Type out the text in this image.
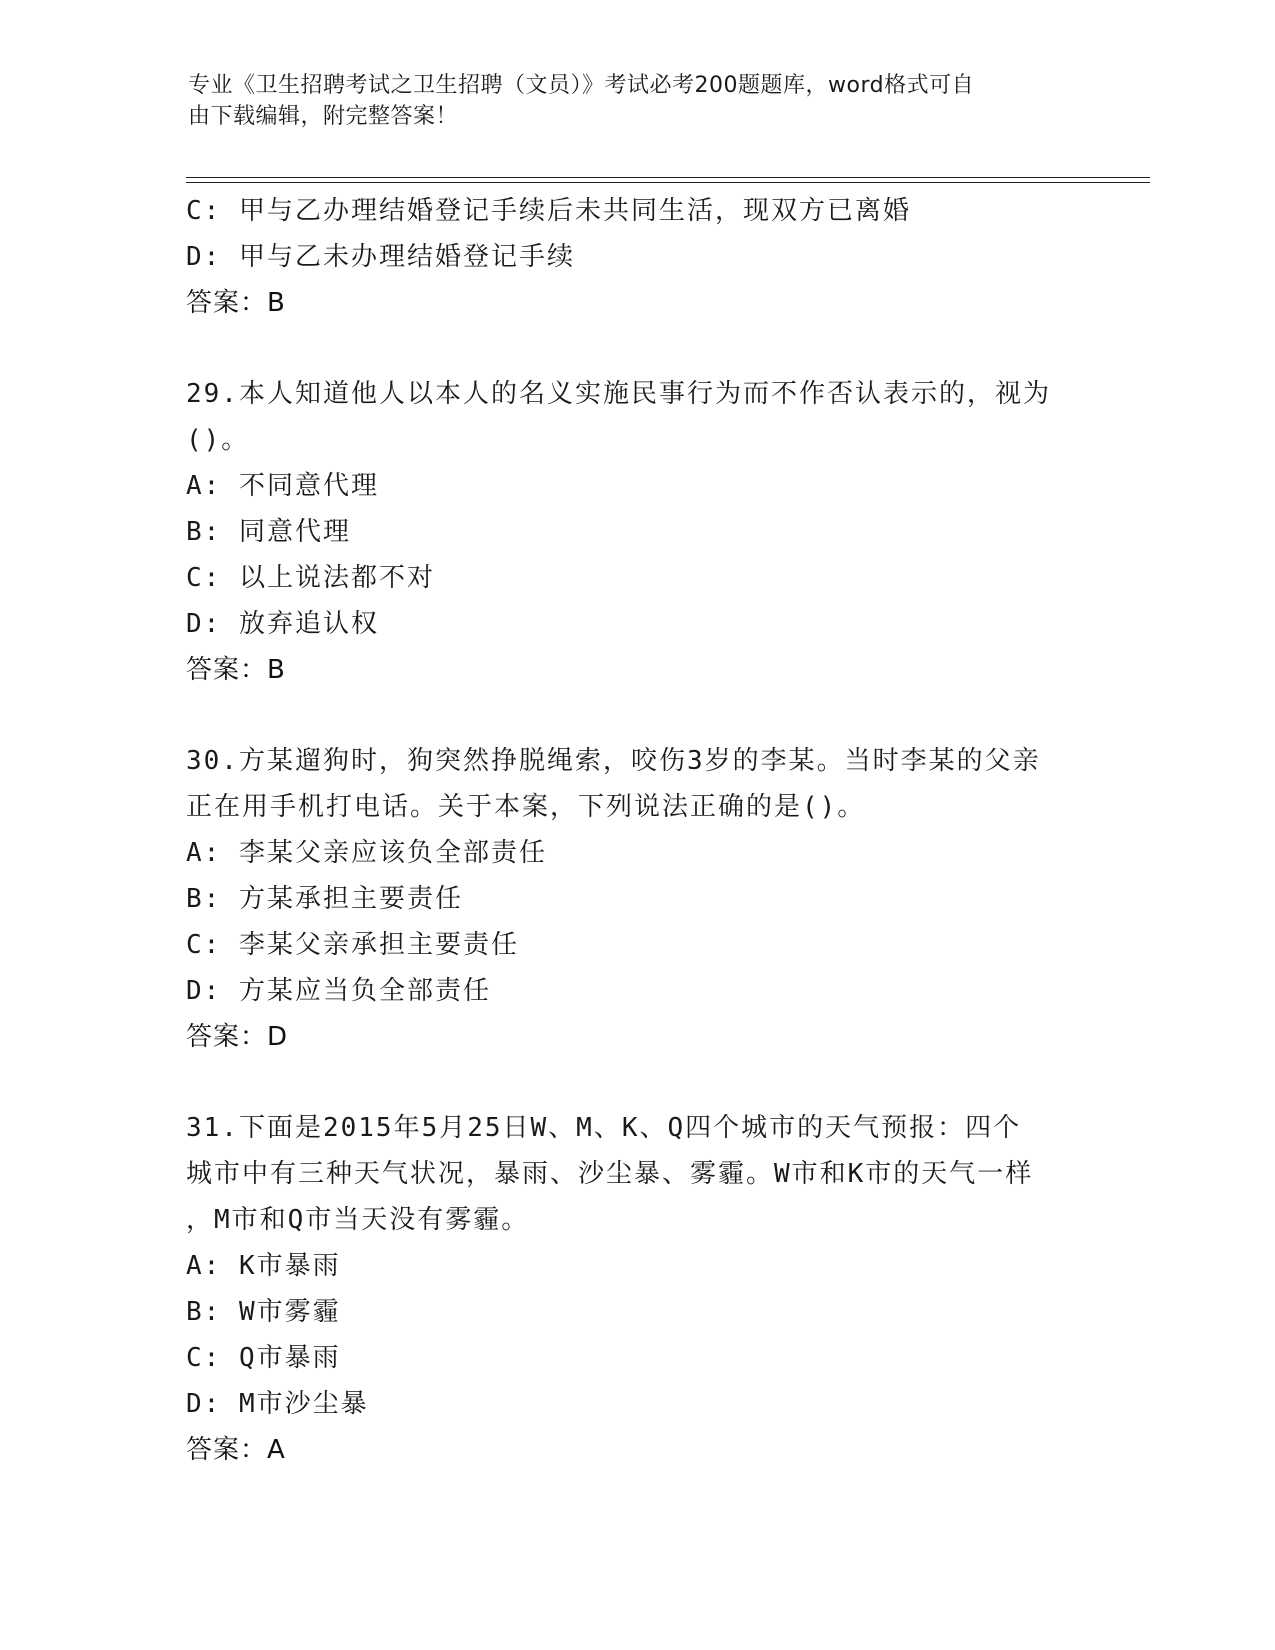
专业《卫生招聘考试之卫生招聘（文员）》考试必考200题题库，word格式可自
由下载编辑，附完整答案！
C: 甲与乙办理结婚登记手续后未共同生活，现双方已离婚
D: 甲与乙未办理结婚登记手续
答案：B
29.本人知道他人以本人的名义实施民事行为而不作否认表示的，视为
()。
A: 不同意代理
B: 同意代理
C: 以上说法都不对
D: 放弃追认权
答案：B
30.方某遛狗时，狗突然挣脱绳索，咬伤3岁的李某。当时李某的父亲
正在用手机打电话。关于本案，下列说法正确的是()。
A: 李某父亲应该负全部责任
B: 方某承担主要责任
C: 李某父亲承担主要责任
D: 方某应当负全部责任
答案：D
31.下面是2015年5月25日W、M、K、Q四个城市的天气预报：四个
城市中有三种天气状况，暴雨、沙尘暴、雾霾。W市和K市的天气一样
，M市和Q市当天没有雾霾。
A: K市暴雨
B: W市雾霾
C: Q市暴雨
D: M市沙尘暴
答案：A
